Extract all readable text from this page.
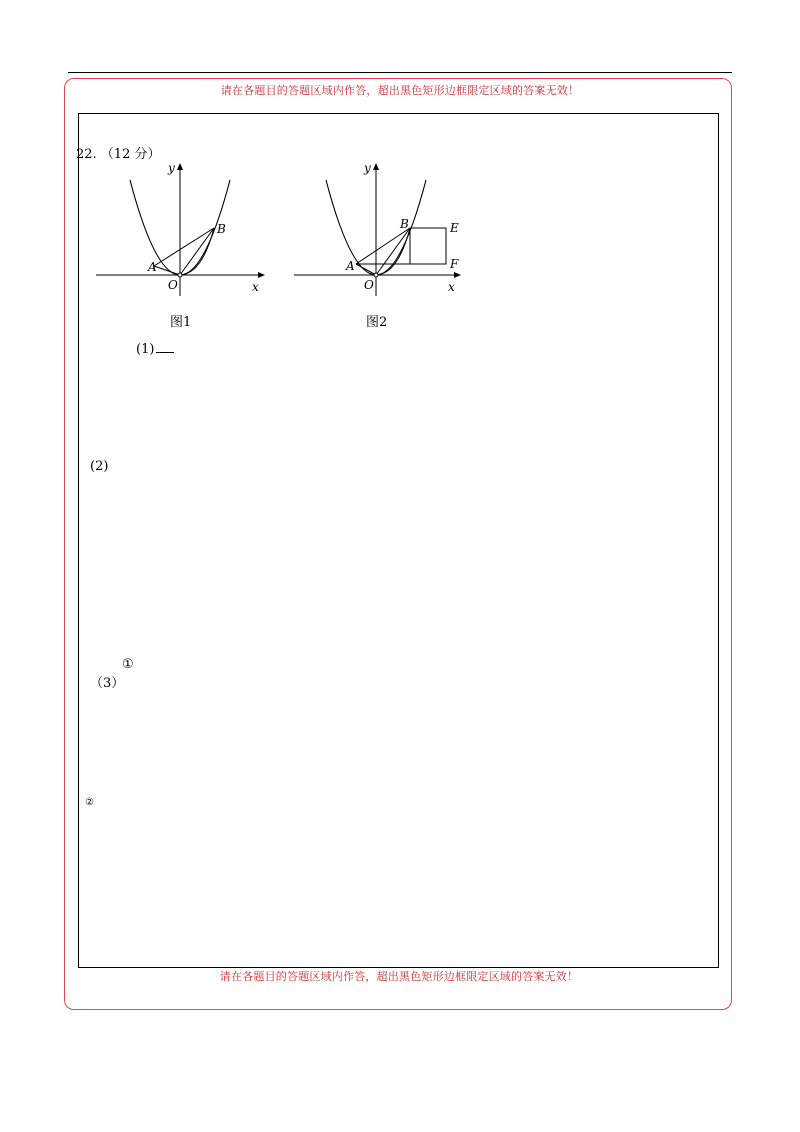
请在各题目的答题区域内作答，超出黑色矩形边框限定区域的答案无效！
请在各题目的答题区域内作答，超出黑色矩形边框限定区域的答案无效！
22. （12 分）
y
x
O
A
B
y
x
O
A
B	E
F
图1	图2
(1)
(2)
（3）
①
②
